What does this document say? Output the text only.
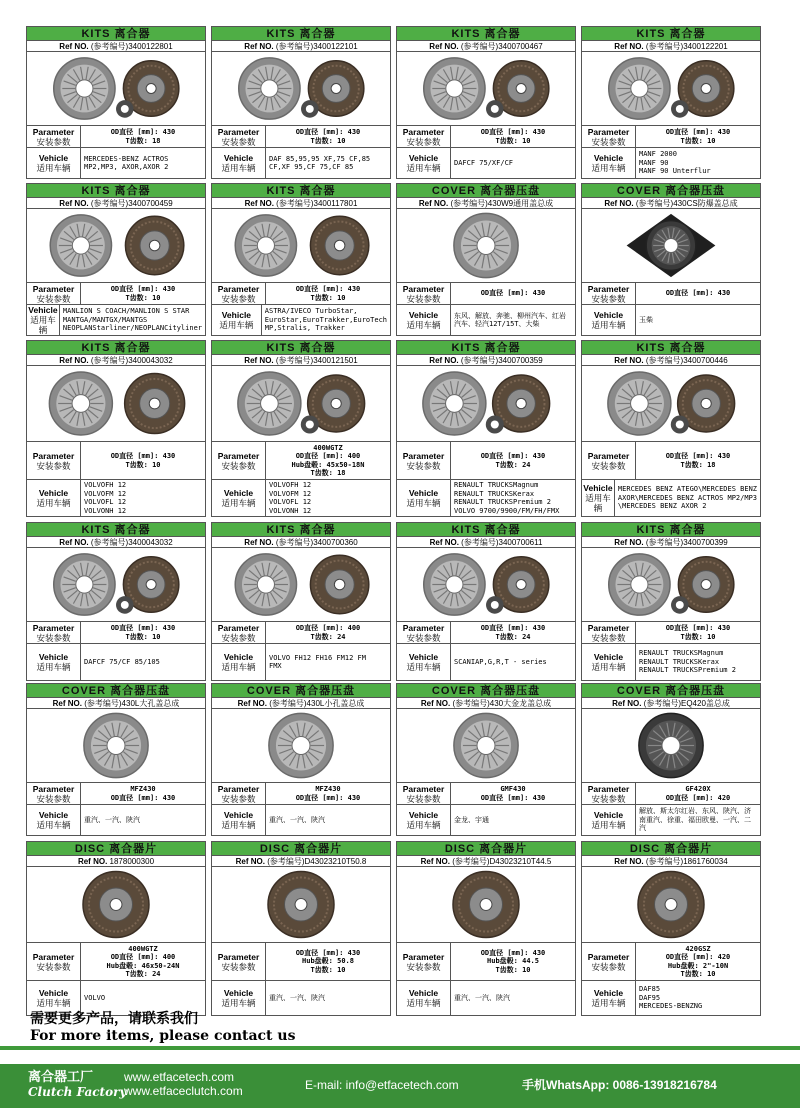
KITS 离合器
Ref NO. (参考编号)3400122801
Parameter
安装参数
OD直径 [mm]: 430
T齿数: 18
Vehicle
适用车辆
MERCEDES-BENZ ACTROS
MP2,MP3, AXOR,AXOR 2
KITS 离合器
Ref NO. (参考编号)3400122101
Parameter
安装参数
OD直径 [mm]: 430
T齿数: 10
Vehicle
适用车辆
DAF 85,95,95 XF,75 CF,85
CF,XF 95,CF 75,CF 85
KITS 离合器
Ref NO. (参考编号)3400700467
Parameter
安装参数
OD直径 [mm]: 430
T齿数: 10
Vehicle
适用车辆
DAFCF 75/XF/CF
KITS 离合器
Ref NO. (参考编号)3400122201
Parameter
安装参数
OD直径 [mm]: 430
T齿数: 10
Vehicle
适用车辆
MANF 2000
MANF 90
MANF 90 Unterflur
KITS 离合器
Ref NO. (参考编号)3400700459
Parameter
安装参数
OD直径 [mm]: 430
T齿数: 10
Vehicle
适用车辆
MANLION S COACH/MANLION S STAR
MANTGA/MANTGX/MANTGS
NEOPLANStarliner/NEOPLANCityliner
KITS 离合器
Ref NO. (参考编号)3400117801
Parameter
安装参数
OD直径 [mm]: 430
T齿数: 10
Vehicle
适用车辆
ASTRA/IVECO TurboStar,
EuroStar,EuroTrakker,EuroTech
MP,Stralis, Trakker
COVER 离合器压盘
Ref NO. (参考编号)430W9通用盖总成
Parameter
安装参数
OD直径 [mm]: 430
Vehicle
适用车辆
东风、解放、奔驰、柳州汽车、红岩
汽车、轻汽12T/15T、大柴
COVER 离合器压盘
Ref NO. (参考编号)430CS防爆盖总成
Parameter
安装参数
OD直径 [mm]: 430
Vehicle
适用车辆
玉柴
KITS 离合器
Ref NO. (参考编号)3400043032
Parameter
安装参数
OD直径 [mm]: 430
T齿数: 10
Vehicle
适用车辆
VOLVOFH 12
VOLVOFM 12
VOLVOFL 12
VOLVONH 12
KITS 离合器
Ref NO. (参考编号)3400121501
Parameter
安装参数
400WGTZ
OD直径 [mm]: 400
Hub盘毂: 45x50-18N
T齿数: 18
Vehicle
适用车辆
VOLVOFH 12
VOLVOFM 12
VOLVOFL 12
VOLVONH 12
KITS 离合器
Ref NO. (参考编号)3400700359
Parameter
安装参数
OD直径 [mm]: 430
T齿数: 24
Vehicle
适用车辆
RENAULT TRUCKSMagnum
RENAULT TRUCKSKerax
RENAULT TRUCKSPremium 2
VOLVO 9700/9900/FM/FH/FMX
KITS 离合器
Ref NO. (参考编号)3400700446
Parameter
安装参数
OD直径 [mm]: 430
T齿数: 18
Vehicle
适用车辆
MERCEDES BENZ ATEGO\MERCEDES BENZ
AXOR\MERCEDES BENZ ACTROS MP2/MP3
\MERCEDES BENZ AXOR 2
KITS 离合器
Ref NO. (参考编号)3400043032
Parameter
安装参数
OD直径 [mm]: 430
T齿数: 10
Vehicle
适用车辆
DAFCF 75/CF 85/105
KITS 离合器
Ref NO. (参考编号)3400700360
Parameter
安装参数
OD直径 [mm]: 400
T齿数: 24
Vehicle
适用车辆
VOLVO FH12 FH16 FM12 FM
FMX
KITS 离合器
Ref NO. (参考编号)3400700611
Parameter
安装参数
OD直径 [mm]: 430
T齿数: 24
Vehicle
适用车辆
SCANIAP,G,R,T - series
KITS 离合器
Ref NO. (参考编号)3400700399
Parameter
安装参数
OD直径 [mm]: 430
T齿数: 10
Vehicle
适用车辆
RENAULT TRUCKSMagnum
RENAULT TRUCKSKerax
RENAULT TRUCKSPremium 2
COVER 离合器压盘
Ref NO. (参考编号)430L大孔盖总成
Parameter
安装参数
MFZ430
OD直径 [mm]: 430
Vehicle
适用车辆
重汽、一汽、陕汽
COVER 离合器压盘
Ref NO. (参考编号)430L小孔盖总成
Parameter
安装参数
MFZ430
OD直径 [mm]: 430
Vehicle
适用车辆
重汽、一汽、陕汽
COVER 离合器压盘
Ref NO. (参考编号)430大金龙盖总成
Parameter
安装参数
GMF430
OD直径 [mm]: 430
Vehicle
适用车辆
金龙、宇通
COVER 离合器压盘
Ref NO. (参考编号)EQ420盖总成
Parameter
安装参数
GF420X
OD直径 [mm]: 420
Vehicle
适用车辆
解放、斯太尔红岩、东风、陕汽、济
南重汽、徐重、福田欧曼、一汽、二
汽
DISC 离合器片
Ref NO. 1878000300
Parameter
安装参数
400WGTZ
OD直径 [mm]: 400
Hub盘毂: 46x50-24N
T齿数: 24
Vehicle
适用车辆
VOLVO
DISC 离合器片
Ref NO. (参考编号)D43023210T50.8
Parameter
安装参数
OD直径 [mm]: 430
Hub盘毂: 50.8
T齿数: 10
Vehicle
适用车辆
重汽、一汽、陕汽
DISC 离合器片
Ref NO. (参考编号)D43023210T44.5
Parameter
安装参数
OD直径 [mm]: 430
Hub盘毂: 44.5
T齿数: 10
Vehicle
适用车辆
重汽、一汽、陕汽
DISC 离合器片
Ref NO. (参考编号)1861760034
Parameter
安装参数
420GSZ
OD直径 [mm]: 420
Hub盘毂: 2"-10N
T齿数: 10
Vehicle
适用车辆
DAF85
DAF95
MERCEDES-BENZNG
需要更多产品，请联系我们
For more items, please contact us
离合器工厂
Clutch Factory
www.etfacetech.com
www.etfaceclutch.com	E-mail: info@etfacetech.com	手机WhatsApp: 0086-13918216784
